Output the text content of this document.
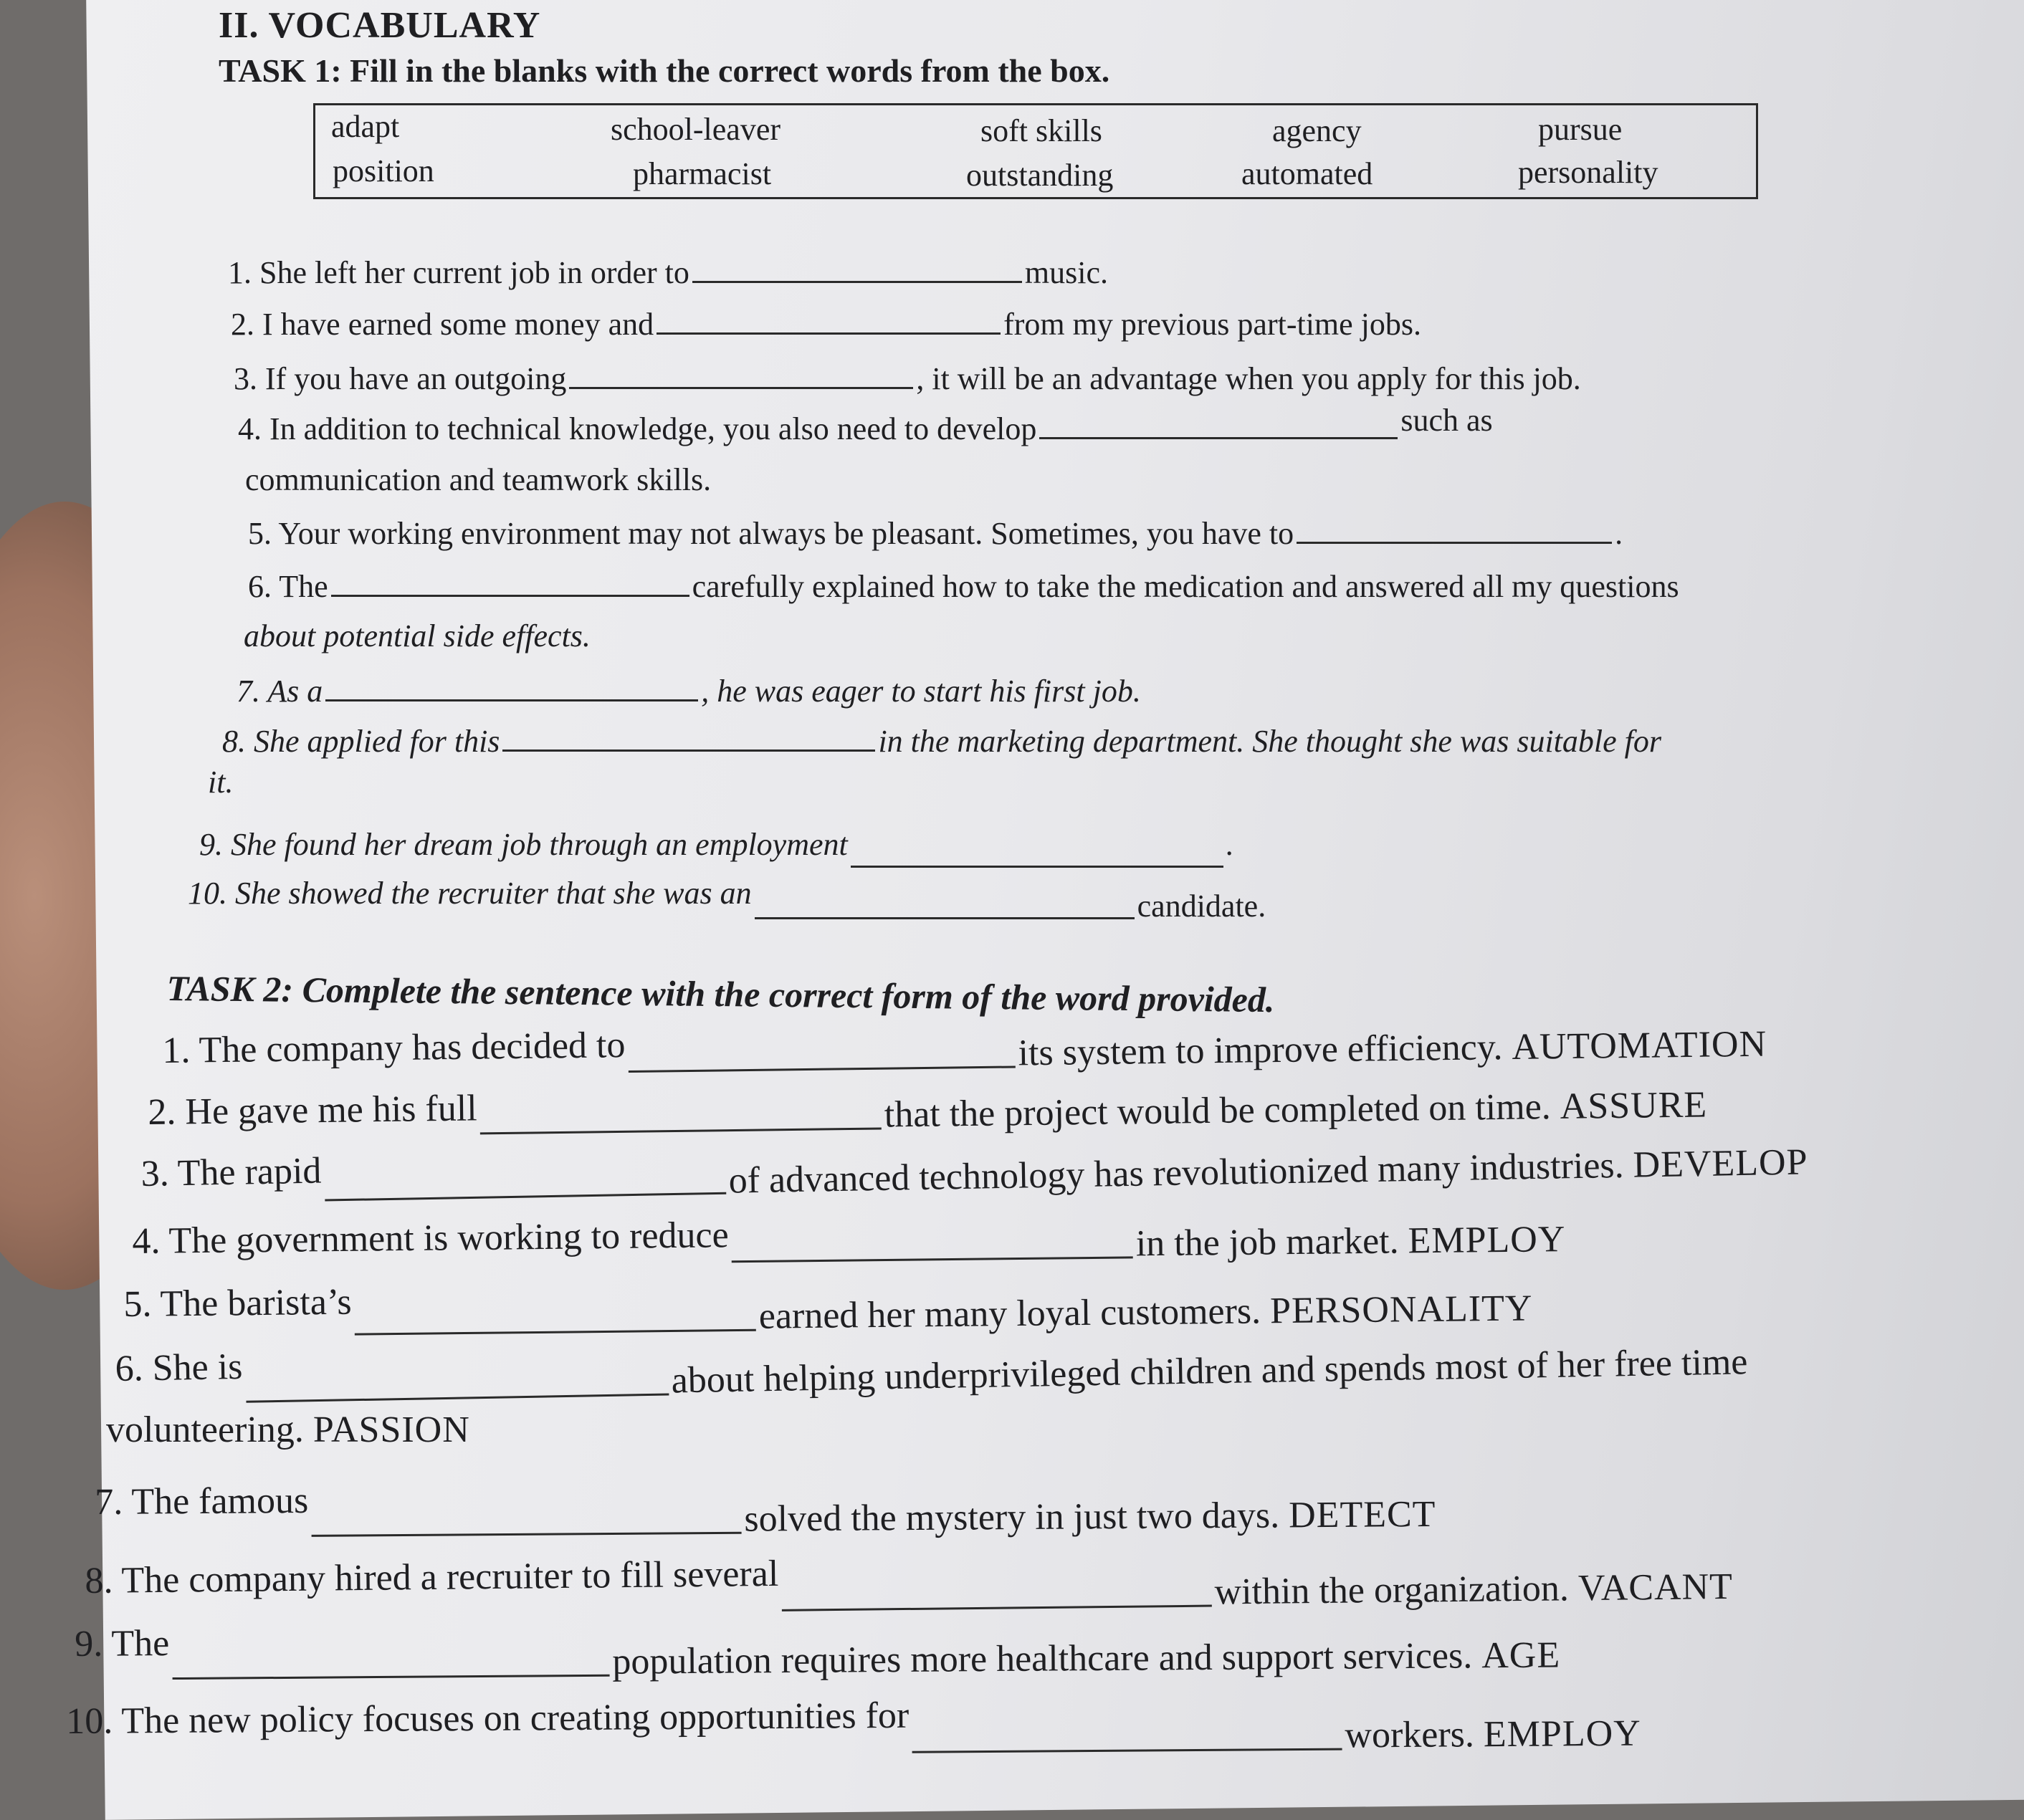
II. VOCABULARY
TASK 1: Fill in the blanks with the correct words from the box.
adapt	school-leaver	soft skills	agency	pursue
position	pharmacist	outstanding	automated	personality
1. She left her current job in order to	music.
2. I have earned some money and	from my previous part-time jobs.
3. If you have an outgoing	, it will be an advantage when you apply for this job.
4. In addition to technical knowledge, you also need to develop	such as
communication and teamwork skills.
5. Your working environment may not always be pleasant. Sometimes, you have to	.
6. The	carefully explained how to take the medication and answered all my questions
about potential side effects.
7. As a	, he was eager to start his first job.
8. She applied for this	in the marketing department. She thought she was suitable for
it.
9. She found her dream job through an employment	.
10. She showed the recruiter that she was an	candidate.
TASK 2: Complete the sentence with the correct form of the word provided.
1. The company has decided to	its system to improve efficiency. AUTOMATION
2. He gave me his full	that the project would be completed on time. ASSURE
3. The rapid	of advanced technology has revolutionized many industries. DEVELOP
4. The government is working to reduce	in the job market. EMPLOY
5. The barista’s	earned her many loyal customers. PERSONALITY
6. She is	about helping underprivileged children and spends most of her free time
volunteering. PASSION
7. The famous	solved the mystery in just two days. DETECT
8. The company hired a recruiter to fill several	within the organization. VACANT
9. The	population requires more healthcare and support services. AGE
10. The new policy focuses on creating opportunities for	workers. EMPLOY
